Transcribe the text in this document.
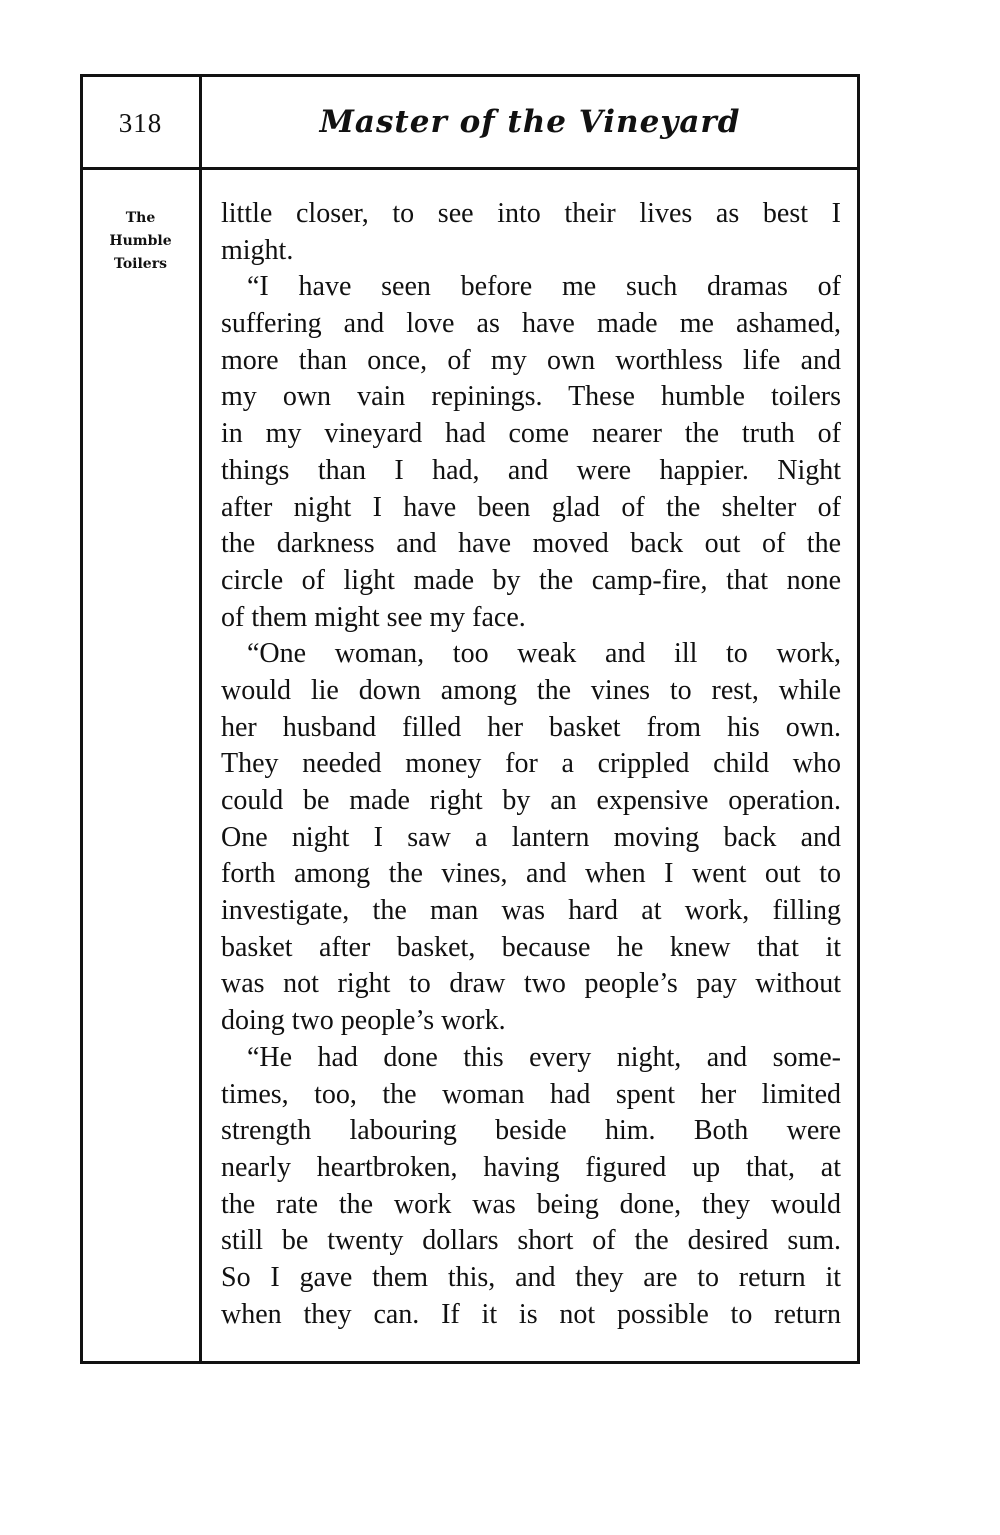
318	Master of the Vineyard
The
Humble
Toilers
little closer, to see into their lives as best I
might.
“I have seen before me such dramas of
suffering and love as have made me ashamed,
more than once, of my own worthless life and
my own vain repinings. These humble toilers
in my vineyard had come nearer the truth of
things than I had, and were happier. Night
after night I have been glad of the shelter of
the darkness and have moved back out of the
circle of light made by the camp-fire, that none
of them might see my face.
“One woman, too weak and ill to work,
would lie down among the vines to rest, while
her husband filled her basket from his own.
They needed money for a crippled child who
could be made right by an expensive operation.
One night I saw a lantern moving back and
forth among the vines, and when I went out to
investigate, the man was hard at work, filling
basket after basket, because he knew that it
was not right to draw two people’s pay without
doing two people’s work.
“He had done this every night, and some-
times, too, the woman had spent her limited
strength labouring beside him. Both were
nearly heartbroken, having figured up that, at
the rate the work was being done, they would
still be twenty dollars short of the desired sum.
So I gave them this, and they are to return it
when they can. If it is not possible to return
